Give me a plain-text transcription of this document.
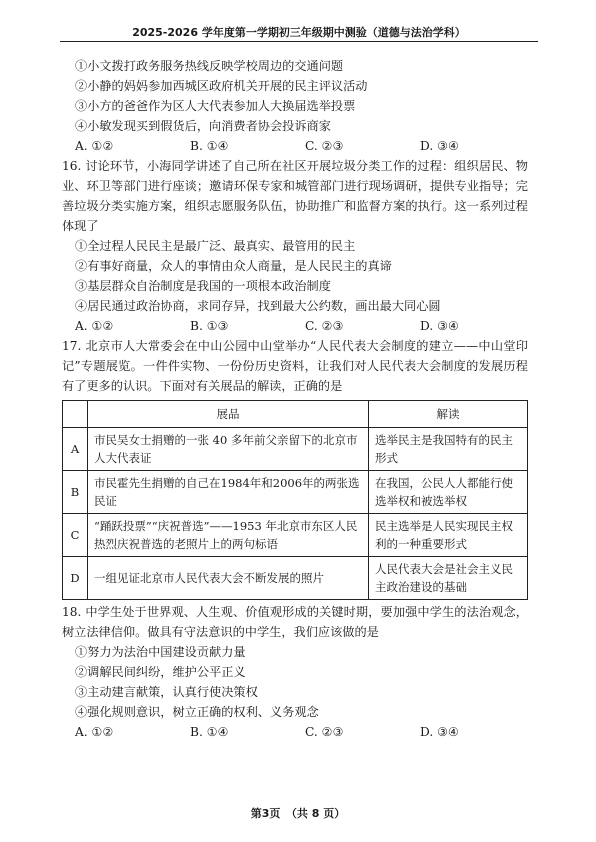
2025-2026 学年度第一学期初三年级期中测验（道德与法治学科）
①小文拨打政务服务热线反映学校周边的交通问题
②小静的妈妈参加西城区政府机关开展的民主评议活动
③小方的爸爸作为区人大代表参加人大换届选举投票
④小敏发现买到假货后，向消费者协会投诉商家
A. ①②	B. ①④	C. ②③	D. ③④
16. 讨论环节，小海同学讲述了自己所在社区开展垃圾分类工作的过程：组织居民、物业、环卫等部门进行座谈；邀请环保专家和城管部门进行现场调研，提供专业指导；完善垃圾分类实施方案，组织志愿服务队伍，协助推广和监督方案的执行。这一系列过程体现了
①全过程人民民主是最广泛、最真实、最管用的民主
②有事好商量，众人的事情由众人商量，是人民民主的真谛
③基层群众自治制度是我国的一项根本政治制度
④居民通过政治协商，求同存异，找到最大公约数，画出最大同心圆
A. ①②	B. ①③	C. ②③	D. ③④
17. 北京市人大常委会在中山公园中山堂举办“人民代表大会制度的建立——中山堂印记”专题展览。一件件实物、一份份历史资料，让我们对人民代表大会制度的发展历程有了更多的认识。下面对有关展品的解读，正确的是
	展品	解读
A	市民吴女士捐赠的一张 40 多年前父亲留下的北京市人大代表证	选举民主是我国特有的民主形式
B	市民霍先生捐赠的自己在1984年和2006年的两张选民证	在我国，公民人人都能行使选举权和被选举权
C	“踊跃投票”“庆祝普选”——1953 年北京市东区人民热烈庆祝普选的老照片上的两句标语	民主选举是人民实现民主权利的一种重要形式
D	一组见证北京市人民代表大会不断发展的照片	人民代表大会是社会主义民主政治建设的基础
18. 中学生处于世界观、人生观、价值观形成的关键时期，要加强中学生的法治观念，树立法律信仰。做具有守法意识的中学生，我们应该做的是
①努力为法治中国建设贡献力量
②调解民间纠纷，维护公平正义
③主动建言献策，认真行使决策权
④强化规则意识，树立正确的权利、义务观念
A. ①②	B. ①④	C. ②③	D. ③④
第3页　（共 8 页）
